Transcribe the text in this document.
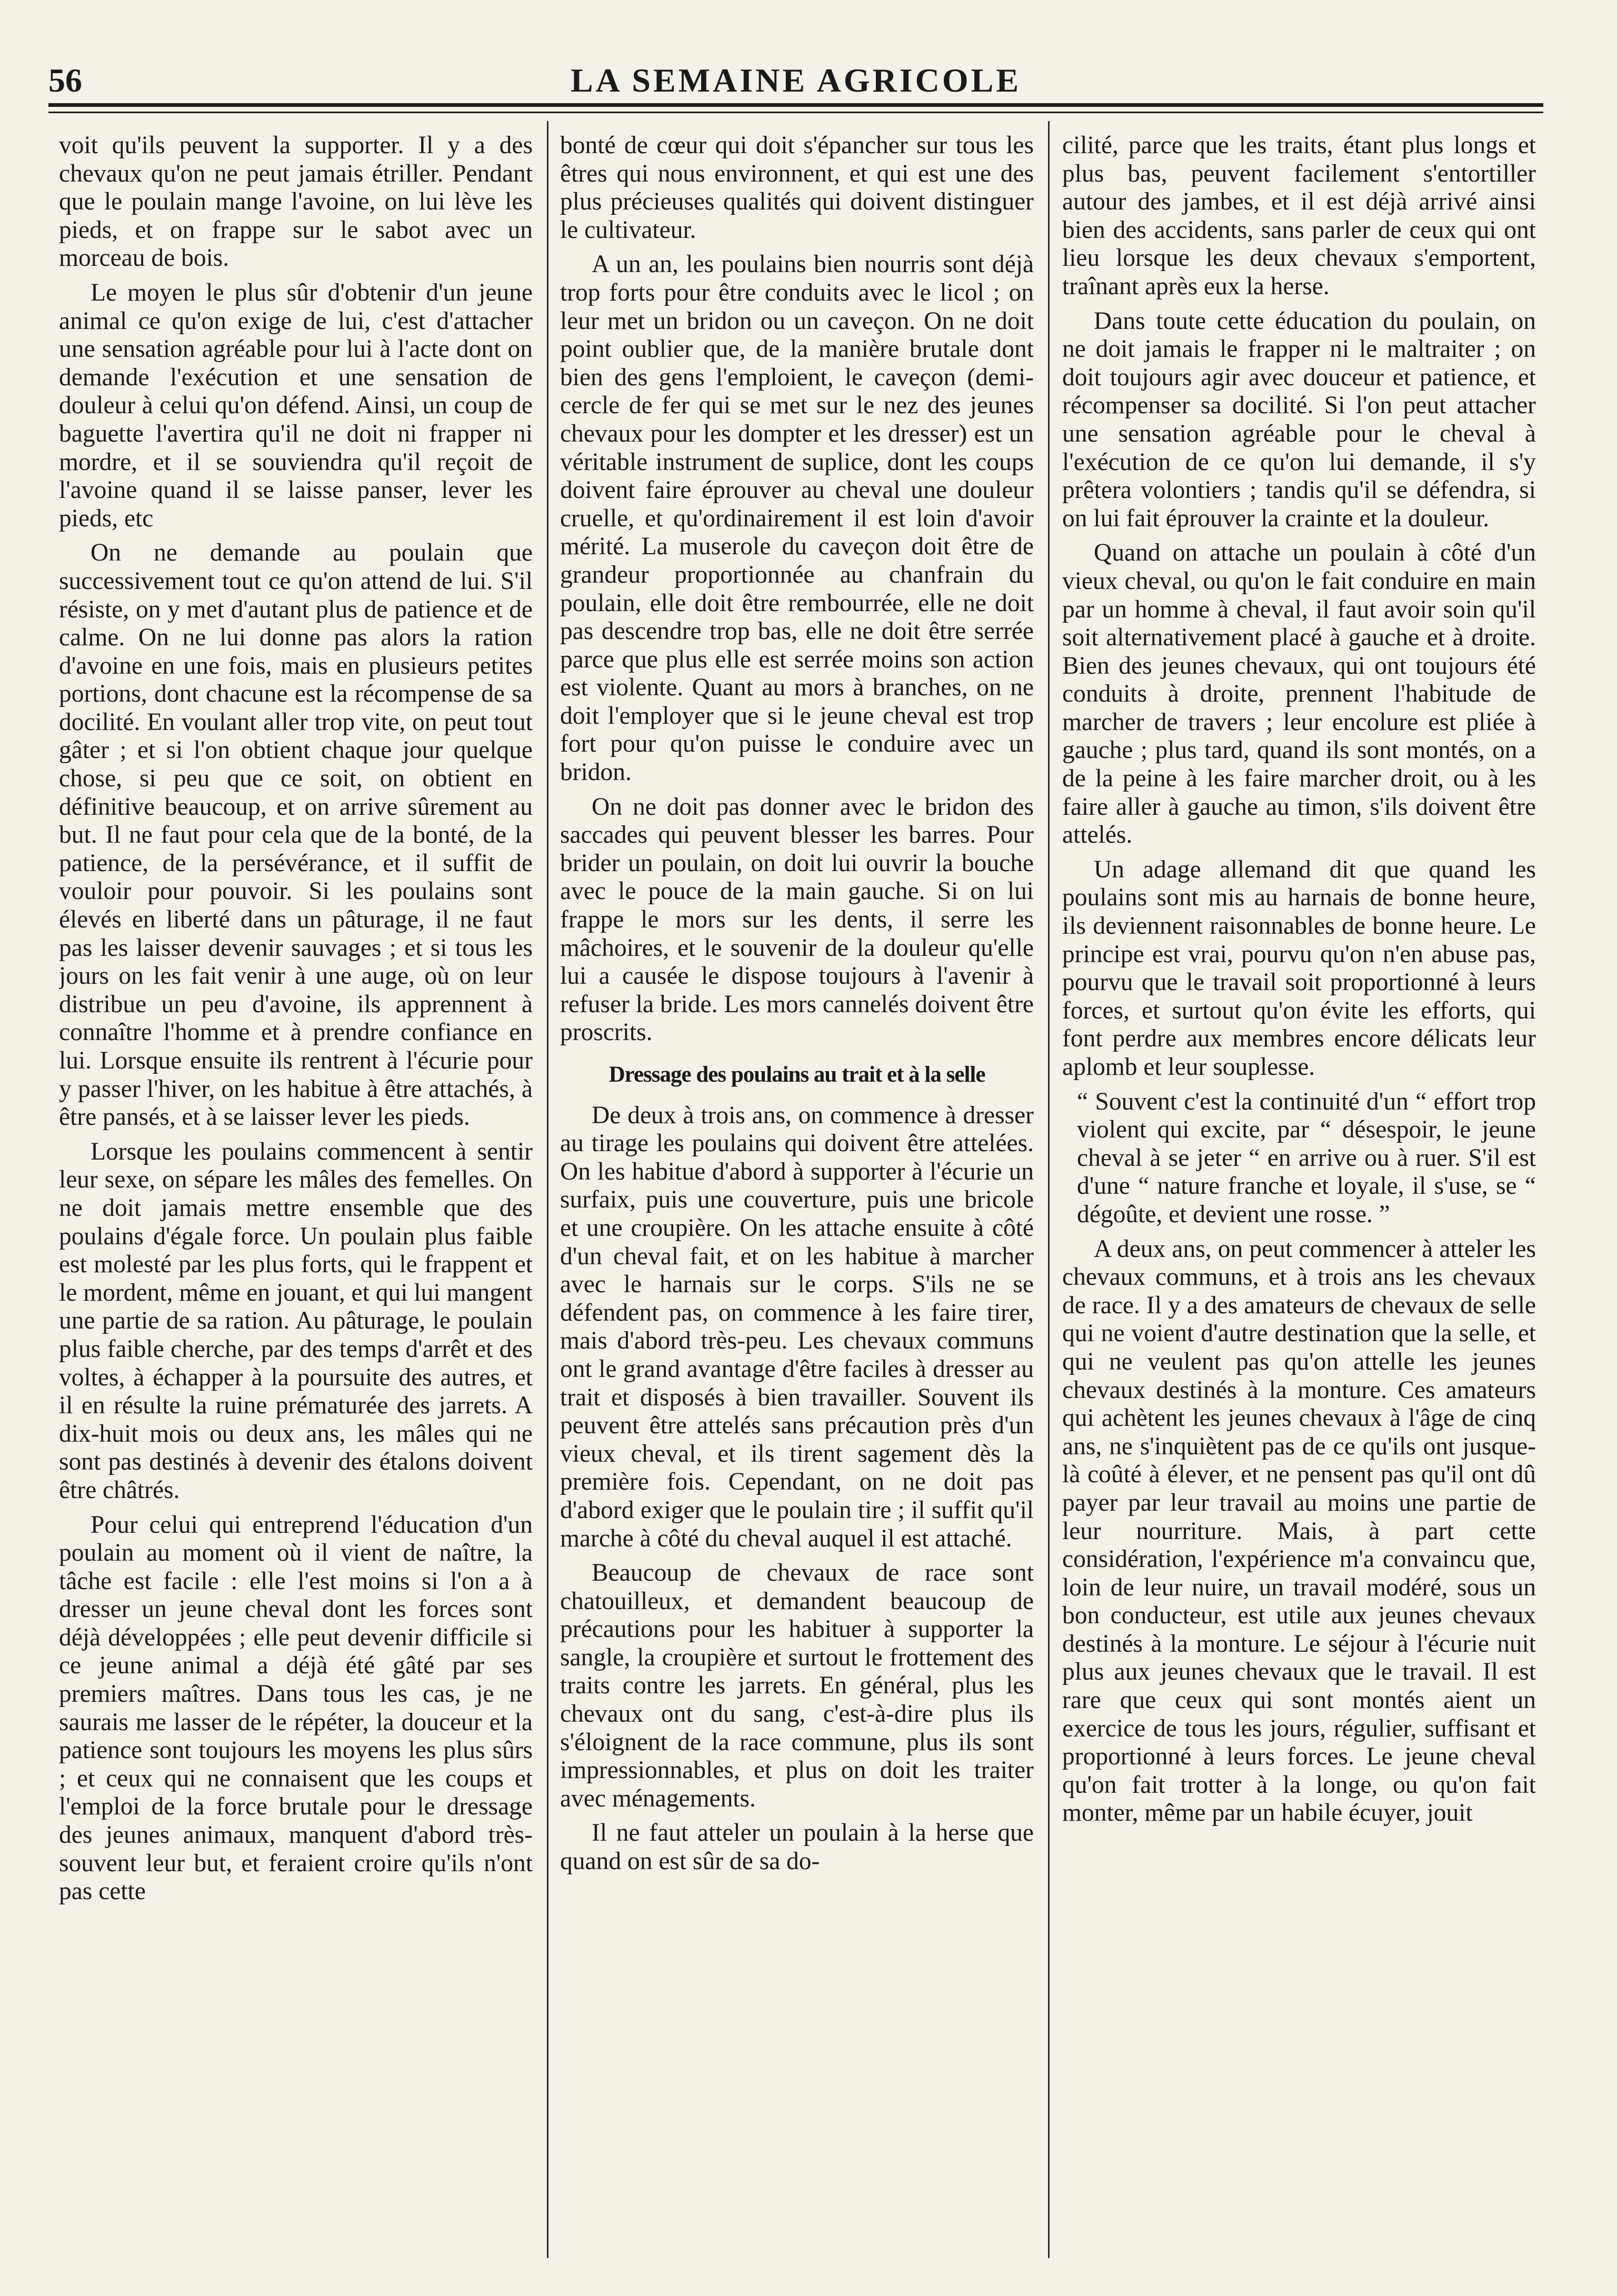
56	LA SEMAINE AGRICOLE

voit qu'ils peuvent la supporter. Il y a des chevaux qu'on ne peut jamais étriller. Pendant que le poulain mange l'avoine, on lui lève les pieds, et on frappe sur le sabot avec un morceau de bois.

Le moyen le plus sûr d'obtenir d'un jeune animal ce qu'on exige de lui, c'est d'attacher une sensation agréable pour lui à l'acte dont on demande l'exécution et une sensation de douleur à celui qu'on défend. Ainsi, un coup de baguette l'avertira qu'il ne doit ni frapper ni mordre, et il se souviendra qu'il reçoit de l'avoine quand il se laisse panser, lever les pieds, etc

On ne demande au poulain que successivement tout ce qu'on attend de lui. S'il résiste, on y met d'autant plus de patience et de calme. On ne lui donne pas alors la ration d'avoine en une fois, mais en plusieurs petites portions, dont chacune est la récompense de sa docilité. En voulant aller trop vite, on peut tout gâter ; et si l'on obtient chaque jour quelque chose, si peu que ce soit, on obtient en définitive beaucoup, et on arrive sûrement au but. Il ne faut pour cela que de la bonté, de la patience, de la persévérance, et il suffit de vouloir pour pouvoir. Si les poulains sont élevés en liberté dans un pâturage, il ne faut pas les laisser devenir sauvages ; et si tous les jours on les fait venir à une auge, où on leur distribue un peu d'avoine, ils apprennent à connaître l'homme et à prendre confiance en lui. Lorsque ensuite ils rentrent à l'écurie pour y passer l'hiver, on les habitue à être attachés, à être pansés, et à se laisser lever les pieds.

Lorsque les poulains commencent à sentir leur sexe, on sépare les mâles des femelles. On ne doit jamais mettre ensemble que des poulains d'égale force. Un poulain plus faible est molesté par les plus forts, qui le frappent et le mordent, même en jouant, et qui lui mangent une partie de sa ration. Au pâturage, le poulain plus faible cherche, par des temps d'arrêt et des voltes, à échapper à la poursuite des autres, et il en résulte la ruine prématurée des jarrets. A dix-huit mois ou deux ans, les mâles qui ne sont pas destinés à devenir des étalons doivent être châtrés.

Pour celui qui entreprend l'éducation d'un poulain au moment où il vient de naître, la tâche est facile : elle l'est moins si l'on a à dresser un jeune cheval dont les forces sont déjà développées ; elle peut devenir difficile si ce jeune animal a déjà été gâté par ses premiers maîtres. Dans tous les cas, je ne saurais me lasser de le répéter, la douceur et la patience sont toujours les moyens les plus sûrs ; et ceux qui ne connaisent que les coups et l'emploi de la force brutale pour le dressage des jeunes animaux, manquent d'abord très-souvent leur but, et feraient croire qu'ils n'ont pas cette

bonté de cœur qui doit s'épancher sur tous les êtres qui nous environnent, et qui est une des plus précieuses qualités qui doivent distinguer le cultivateur.

A un an, les poulains bien nourris sont déjà trop forts pour être conduits avec le licol ; on leur met un bridon ou un caveçon. On ne doit point oublier que, de la manière brutale dont bien des gens l'emploient, le caveçon (demi-cercle de fer qui se met sur le nez des jeunes chevaux pour les dompter et les dresser) est un véritable instrument de suplice, dont les coups doivent faire éprouver au cheval une douleur cruelle, et qu'ordinairement il est loin d'avoir mérité. La muserole du caveçon doit être de grandeur proportionnée au chanfrain du poulain, elle doit être rembourrée, elle ne doit pas descendre trop bas, elle ne doit être serrée parce que plus elle est serrée moins son action est violente. Quant au mors à branches, on ne doit l'employer que si le jeune cheval est trop fort pour qu'on puisse le conduire avec un bridon.

On ne doit pas donner avec le bridon des saccades qui peuvent blesser les barres. Pour brider un poulain, on doit lui ouvrir la bouche avec le pouce de la main gauche. Si on lui frappe le mors sur les dents, il serre les mâchoires, et le souvenir de la douleur qu'elle lui a causée le dispose toujours à l'avenir à refuser la bride. Les mors cannelés doivent être proscrits.

Dressage des poulains au trait et à la selle

De deux à trois ans, on commence à dresser au tirage les poulains qui doivent être attelées. On les habitue d'abord à supporter à l'écurie un surfaix, puis une couverture, puis une bricole et une croupière. On les attache ensuite à côté d'un cheval fait, et on les habitue à marcher avec le harnais sur le corps. S'ils ne se défendent pas, on commence à les faire tirer, mais d'abord très-peu. Les chevaux communs ont le grand avantage d'être faciles à dresser au trait et disposés à bien travailler. Souvent ils peuvent être attelés sans précaution près d'un vieux cheval, et ils tirent sagement dès la première fois. Cependant, on ne doit pas d'abord exiger que le poulain tire ; il suffit qu'il marche à côté du cheval auquel il est attaché.

Beaucoup de chevaux de race sont chatouilleux, et demandent beaucoup de précautions pour les habituer à supporter la sangle, la croupière et surtout le frottement des traits contre les jarrets. En général, plus les chevaux ont du sang, c'est-à-dire plus ils s'éloignent de la race commune, plus ils sont impressionnables, et plus on doit les traiter avec ménagements.

Il ne faut atteler un poulain à la herse que quand on est sûr de sa do-

cilité, parce que les traits, étant plus longs et plus bas, peuvent facilement s'entortiller autour des jambes, et il est déjà arrivé ainsi bien des accidents, sans parler de ceux qui ont lieu lorsque les deux chevaux s'emportent, traînant après eux la herse.

Dans toute cette éducation du poulain, on ne doit jamais le frapper ni le maltraiter ; on doit toujours agir avec douceur et patience, et récompenser sa docilité. Si l'on peut attacher une sensation agréable pour le cheval à l'exécution de ce qu'on lui demande, il s'y prêtera volontiers ; tandis qu'il se défendra, si on lui fait éprouver la crainte et la douleur.

Quand on attache un poulain à côté d'un vieux cheval, ou qu'on le fait conduire en main par un homme à cheval, il faut avoir soin qu'il soit alternativement placé à gauche et à droite. Bien des jeunes chevaux, qui ont toujours été conduits à droite, prennent l'habitude de marcher de travers ; leur encolure est pliée à gauche ; plus tard, quand ils sont montés, on a de la peine à les faire marcher droit, ou à les faire aller à gauche au timon, s'ils doivent être attelés.

Un adage allemand dit que quand les poulains sont mis au harnais de bonne heure, ils deviennent raisonnables de bonne heure. Le principe est vrai, pourvu qu'on n'en abuse pas, pourvu que le travail soit proportionné à leurs forces, et surtout qu'on évite les efforts, qui font perdre aux membres encore délicats leur aplomb et leur souplesse.

“ Souvent c'est la continuité d'un “ effort trop violent qui excite, par “ désespoir, le jeune cheval à se jeter “ en arrive ou à ruer. S'il est d'une “ nature franche et loyale, il s'use, se “ dégoûte, et devient une rosse. ”

A deux ans, on peut commencer à atteler les chevaux communs, et à trois ans les chevaux de race. Il y a des amateurs de chevaux de selle qui ne voient d'autre destination que la selle, et qui ne veulent pas qu'on attelle les jeunes chevaux destinés à la monture. Ces amateurs qui achètent les jeunes chevaux à l'âge de cinq ans, ne s'inquiètent pas de ce qu'ils ont jusque-là coûté à élever, et ne pensent pas qu'il ont dû payer par leur travail au moins une partie de leur nourriture. Mais, à part cette considération, l'expérience m'a convaincu que, loin de leur nuire, un travail modéré, sous un bon conducteur, est utile aux jeunes chevaux destinés à la monture. Le séjour à l'écurie nuit plus aux jeunes chevaux que le travail. Il est rare que ceux qui sont montés aient un exercice de tous les jours, régulier, suffisant et proportionné à leurs forces. Le jeune cheval qu'on fait trotter à la longe, ou qu'on fait monter, même par un habile écuyer, jouit
